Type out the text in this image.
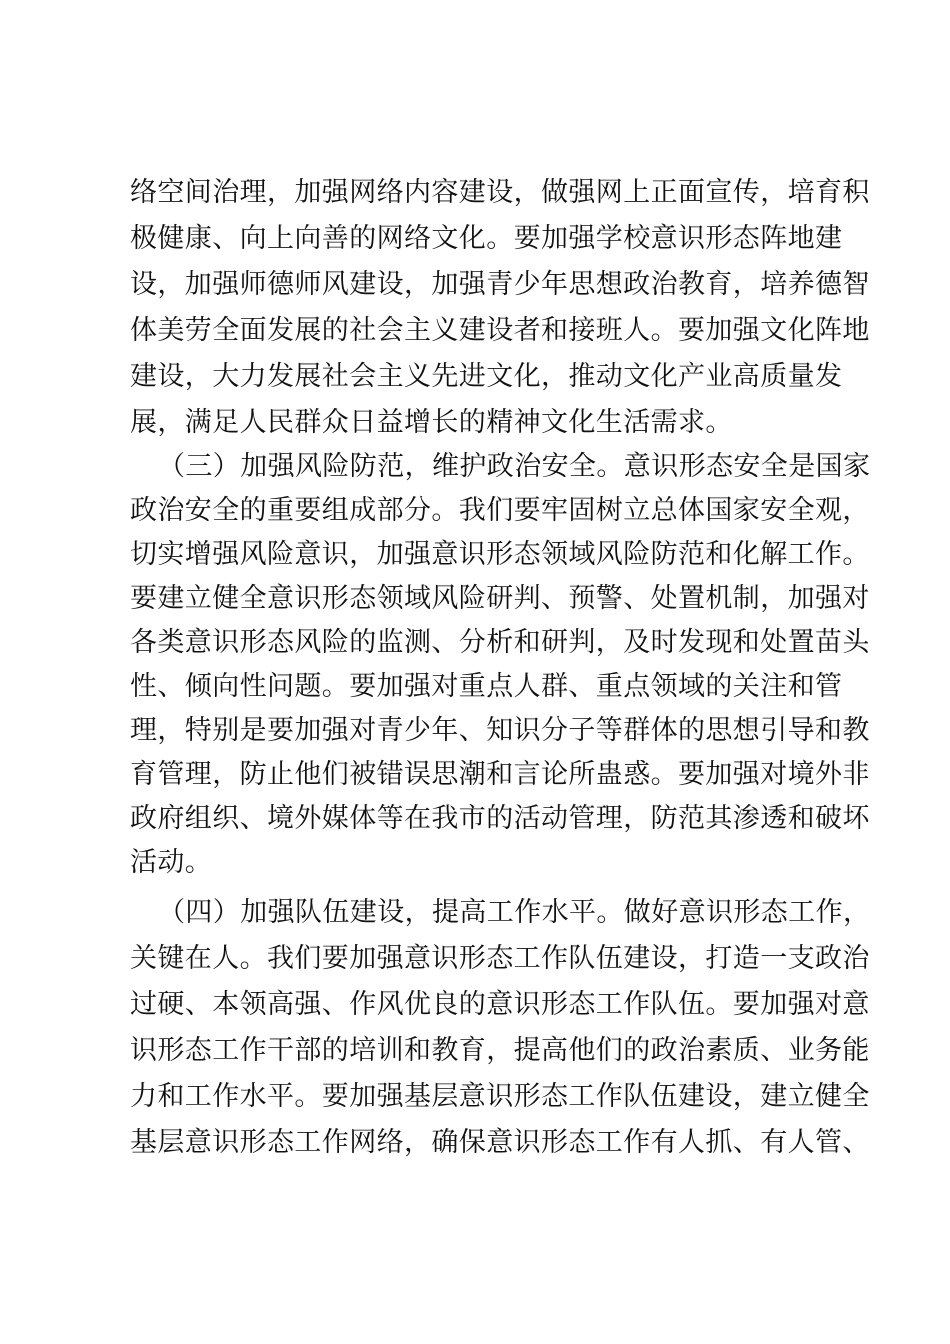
络空间治理，加强网络内容建设，做强网上正面宣传，培育积
极健康、向上向善的网络文化。要加强学校意识形态阵地建
设，加强师德师风建设，加强青少年思想政治教育，培养德智
体美劳全面发展的社会主义建设者和接班人。要加强文化阵地
建设，大力发展社会主义先进文化，推动文化产业高质量发
展，满足人民群众日益增长的精神文化生活需求。
（三）加强风险防范，维护政治安全。意识形态安全是国家
政治安全的重要组成部分。我们要牢固树立总体国家安全观，
切实增强风险意识，加强意识形态领域风险防范和化解工作。
要建立健全意识形态领域风险研判、预警、处置机制，加强对
各类意识形态风险的监测、分析和研判，及时发现和处置苗头
性、倾向性问题。要加强对重点人群、重点领域的关注和管
理，特别是要加强对青少年、知识分子等群体的思想引导和教
育管理，防止他们被错误思潮和言论所蛊惑。要加强对境外非
政府组织、境外媒体等在我市的活动管理，防范其渗透和破坏
活动。
（四）加强队伍建设，提高工作水平。做好意识形态工作，
关键在人。我们要加强意识形态工作队伍建设，打造一支政治
过硬、本领高强、作风优良的意识形态工作队伍。要加强对意
识形态工作干部的培训和教育，提高他们的政治素质、业务能
力和工作水平。要加强基层意识形态工作队伍建设，建立健全
基层意识形态工作网络，确保意识形态工作有人抓、有人管、
